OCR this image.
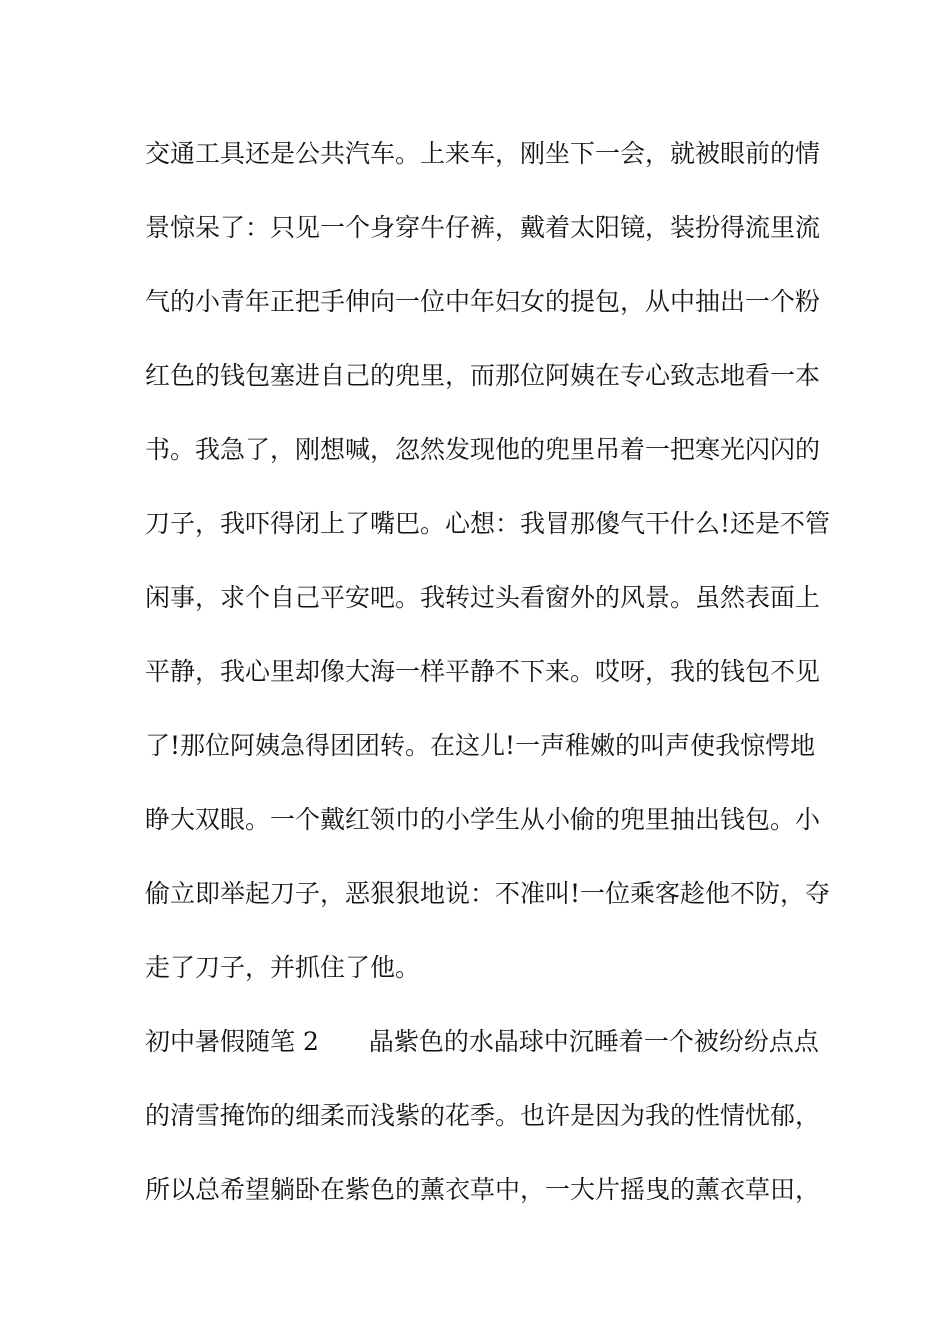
交通工具还是公共汽车。上来车，刚坐下一会，就被眼前的情
景惊呆了：只见一个身穿牛仔裤，戴着太阳镜，装扮得流里流
气的小青年正把手伸向一位中年妇女的提包，从中抽出一个粉
红色的钱包塞进自己的兜里，而那位阿姨在专心致志地看一本
书。我急了，刚想喊，忽然发现他的兜里吊着一把寒光闪闪的
刀子，我吓得闭上了嘴巴。心想：我冒那傻气干什么!还是不管
闲事，求个自己平安吧。我转过头看窗外的风景。虽然表面上
平静，我心里却像大海一样平静不下来。哎呀，我的钱包不见
了!那位阿姨急得团团转。在这儿!一声稚嫩的叫声使我惊愕地
睁大双眼。一个戴红领巾的小学生从小偷的兜里抽出钱包。小
偷立即举起刀子，恶狠狠地说：不准叫!一位乘客趁他不防，夺
走了刀子，并抓住了他。
初中暑假随笔 2　　晶紫色的水晶球中沉睡着一个被纷纷点点
的清雪掩饰的细柔而浅紫的花季。也许是因为我的性情忧郁，
所以总希望躺卧在紫色的薰衣草中，一大片摇曳的薰衣草田，
